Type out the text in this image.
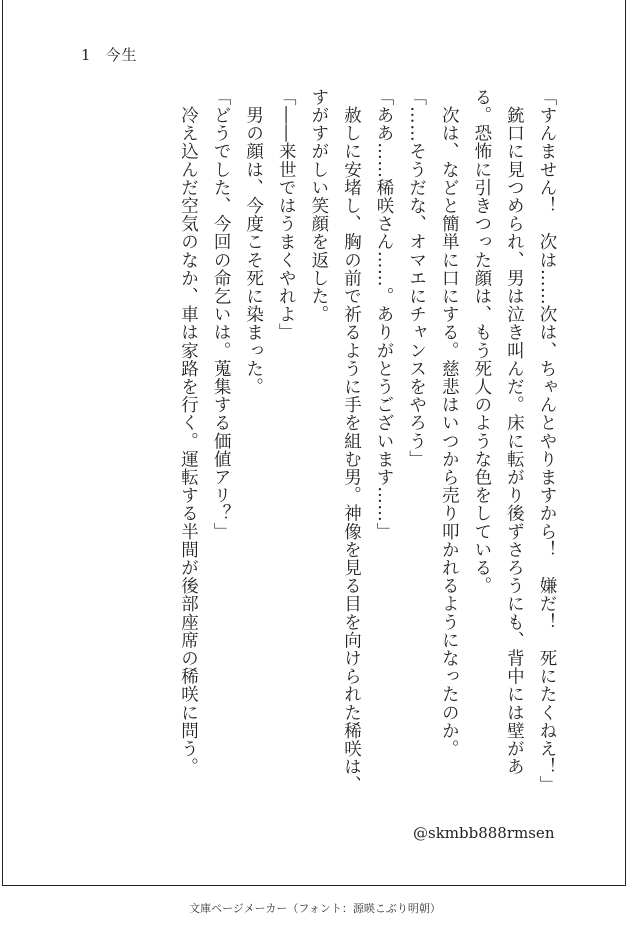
1 今生

「すんません！　次は……次は、ちゃんとやりますから！　嫌だ！　死にたくねえ！」

　銃口に見つめられ、男は泣き叫んだ。床に転がり後ずさろうにも、背中には壁がある。恐怖に引きつった顔は、もう死人のような色をしている。

　次は、などと簡単に口にする。慈悲はいつから売り叩かれるようになったのか。

「……そうだな、オマエにチャンスをやろう」

「ああ……稀咲さん……。ありがとうございます……」

　赦しに安堵し、胸の前で祈るように手を組む男。神像を見る目を向けられた稀咲は、すがすがしい笑顔を返した。

「――来世ではうまくやれよ」

　男の顔は、今度こそ死に染まった。

「どうでした、今回の命乞いは。蒐集する価値アリ？」

　冷え込んだ空気のなか、車は家路を行く。運転する半間が後部座席の稀咲に問う。

@skmbb888rmsen
文庫ページメーカー（フォント：源暎こぶり明朝）
